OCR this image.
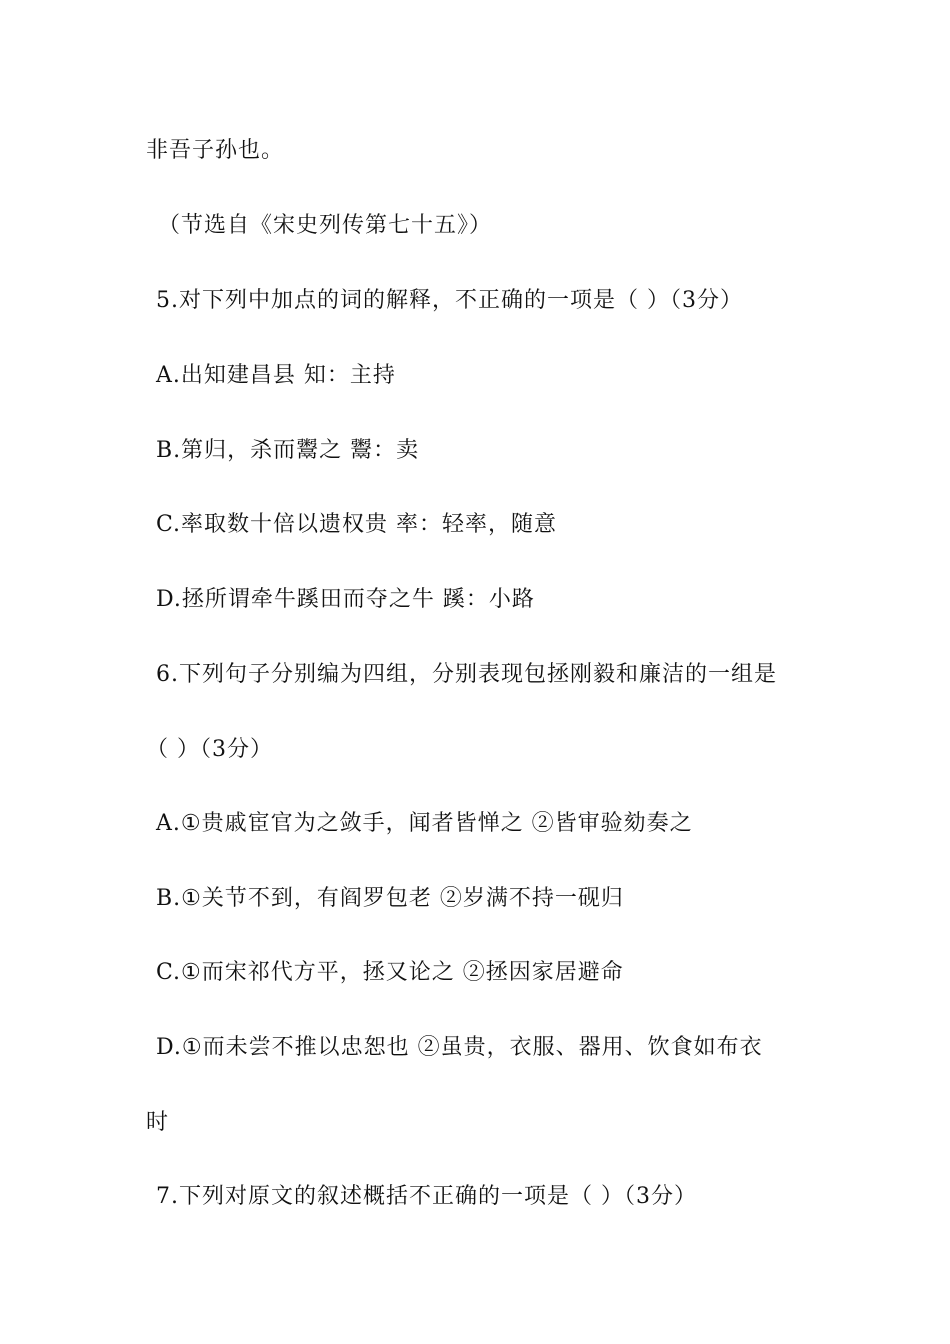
非吾子孙也。
（节选自《宋史列传第七十五》）
5.对下列中加点的词的解释，不正确的一项是（ ）（3分）
A.出知建昌县 知：主持
B.第归，杀而鬻之 鬻：卖
C.率取数十倍以遗权贵 率：轻率，随意
D.拯所谓牵牛蹊田而夺之牛 蹊：小路
6.下列句子分别编为四组，分别表现包拯刚毅和廉洁的一组是
（ ）（3分）
A.①贵戚宦官为之敛手，闻者皆惮之 ②皆审验劾奏之
B.①关节不到，有阎罗包老 ②岁满不持一砚归
C.①而宋祁代方平，拯又论之 ②拯因家居避命
D.①而未尝不推以忠恕也 ②虽贵，衣服、器用、饮食如布衣
时
7.下列对原文的叙述概括不正确的一项是（ ）（3分）
